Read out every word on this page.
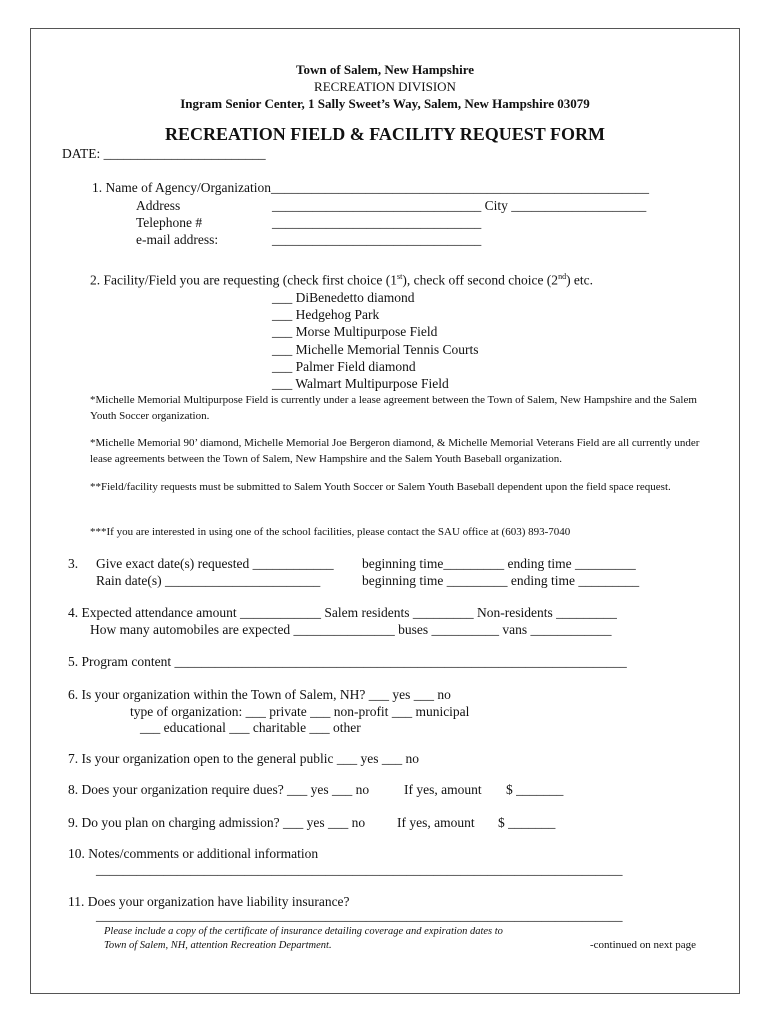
Town of Salem, New Hampshire
RECREATION DIVISION
Ingram Senior Center, 1 Sally Sweet’s Way, Salem, New Hampshire 03079
RECREATION FIELD & FACILITY REQUEST FORM
DATE: ________________________
1. Name of Agency/Organization________________________________________________________
Address	_______________________________ City ____________________
Telephone #	_______________________________
e-mail address:	_______________________________
2. Facility/Field you are requesting (check first choice (1st), check off second choice (2nd) etc.
___ DiBenedetto diamond
___ Hedgehog Park
___ Morse Multipurpose Field
___ Michelle Memorial Tennis Courts
___ Palmer Field diamond
___ Walmart Multipurpose Field
*Michelle Memorial Multipurpose Field is currently under a lease agreement between the Town of Salem, New Hampshire and the Salem Youth Soccer organization.
*Michelle Memorial 90’ diamond, Michelle Memorial Joe Bergeron diamond, & Michelle Memorial Veterans Field are all currently under lease agreements between the Town of Salem, New Hampshire and the Salem Youth Baseball organization.
**Field/facility requests must be submitted to Salem Youth Soccer or Salem Youth Baseball dependent upon the field space request.
***If you are interested in using one of the school facilities, please contact the SAU office at (603) 893-7040
3. Give exact date(s) requested ____________ beginning time_________ ending time _________
Rain date(s) _______________________	beginning time _________ ending time _________
4. Expected attendance amount ____________ Salem residents _________ Non-residents _________
How many automobiles are expected _______________ buses __________ vans ____________
5. Program content ___________________________________________________________________
6. Is your organization within the Town of Salem, NH? ___ yes ___ no
type of organization: ___ private ___ non-profit ___ municipal
___ educational ___ charitable ___ other
7. Is your organization open to the general public ___ yes ___ no
8. Does your organization require dues? ___ yes ___ no	If yes, amount $ _______
9. Do you plan on charging admission? ___ yes ___ no If yes, amount $ _______
10. Notes/comments or additional information
______________________________________________________________________________
11. Does your organization have liability insurance?
______________________________________________________________________________
Please include a copy of the certificate of insurance detailing coverage and expiration dates to
Town of Salem, NH, attention Recreation Department.	-continued on next page
